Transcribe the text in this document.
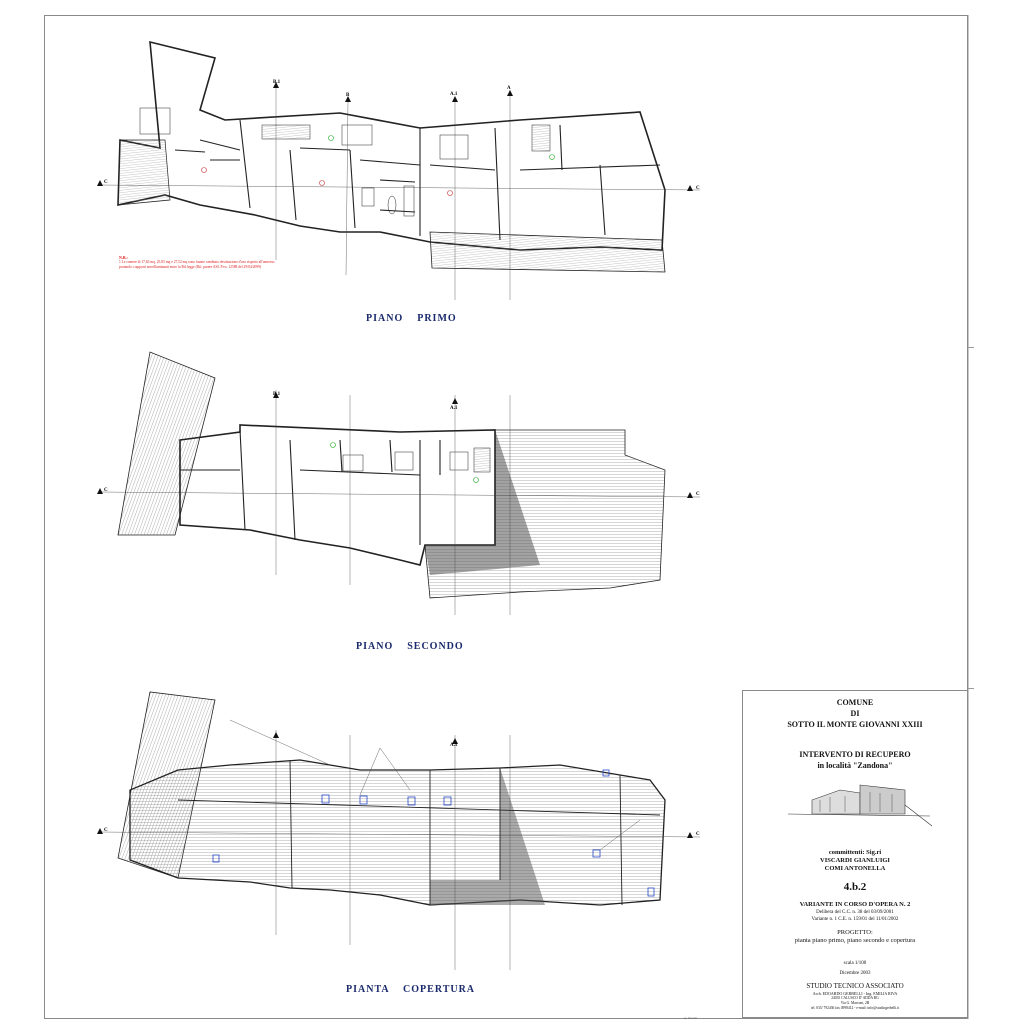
B.1
B	A.1
A
C
C
B.1
A.1
C
C
A.1
C
C
N.B.:
1 Le camere di 17,63 mq, 25,83 mq e 27,52 mq sono faunte cambiato destinazione d'uso rispetto all'annesso: portando i rapporti aeroilluminanti entro la Rif.legge (Rif. parere ASL P.vo. 12588 del 29/04/2099)
PIANO    PRIMO
PIANO    SECONDO
PIANTA    COPERTURA
COMUNE
DI
SOTTO IL MONTE GIOVANNI XXIII
INTERVENTO DI RECUPERO
in località "Zandona"
committenti: Sig.ri
VISCARDI GIANLUIGI
COMI ANTONELLA
4.b.2
VARIANTE IN CORSO D'OPERA N. 2
Delibera del C.C. n. 38 del 03/09/2001
Variante n. 1 C.E. n. 159/01 del 11/01/2002
PROGETTO:
pianta piano primo, piano secondo e copertura
scala 1/100
Dicembre 2003
STUDIO TECNICO ASSOCIATO
Arch. EDOARDO GERBELLI - Ing. EMILIA RIVA
24035 CALUSCO D' ADDA BG
Via G. Marconi, 2B
tel. 035/ 792436 fax 4998412 - e-mail: info@studiogerbelli.it
sp. Moretti
